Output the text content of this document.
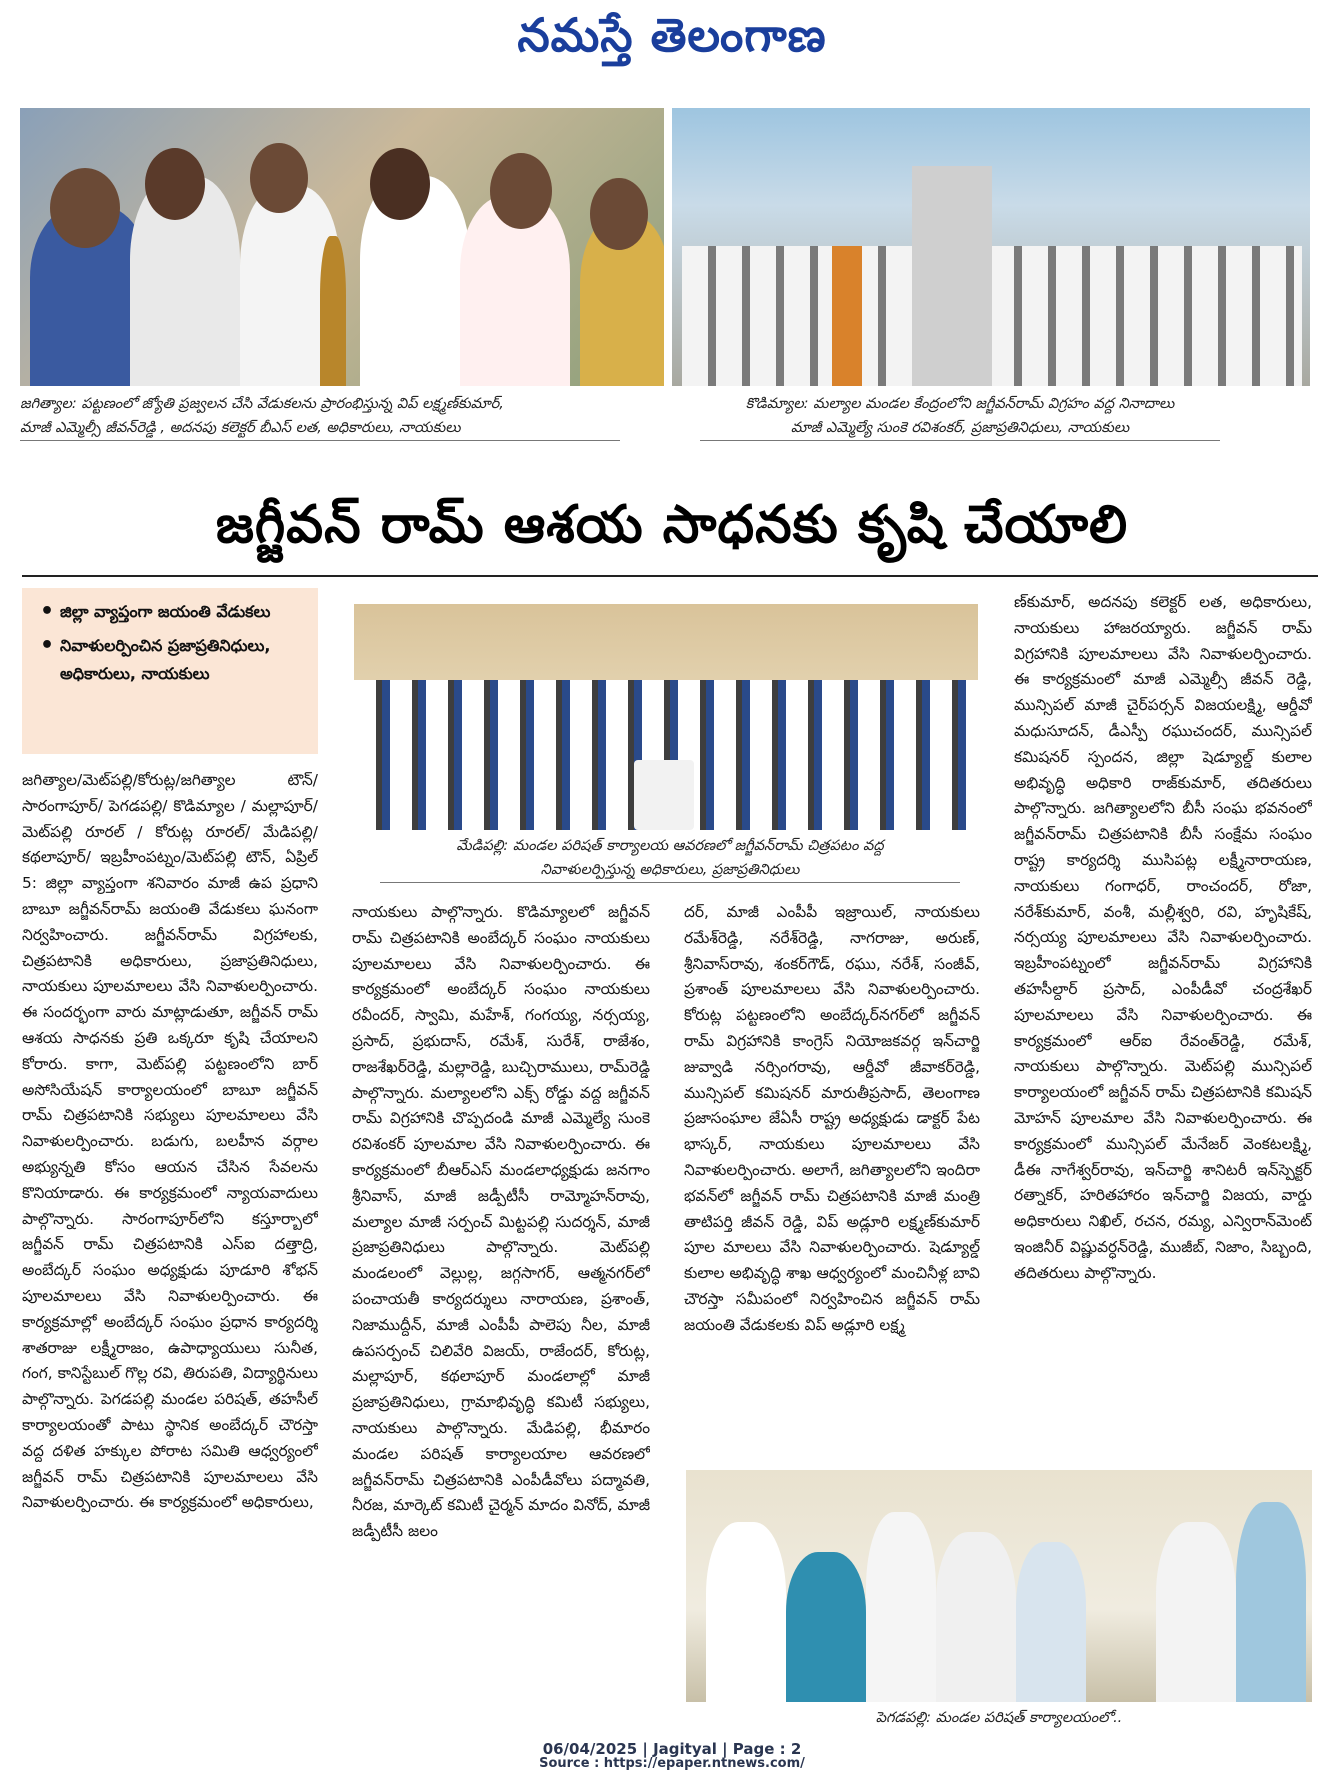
నమస్తే తెలంగాణ
జగిత్యాల: పట్టణంలో జ్యోతి ప్రజ్వలన చేసి వేడుకలను ప్రారంభిస్తున్న విప్ లక్ష్మణ్‌కుమార్,
మాజీ ఎమ్మెల్సీ జీవన్‌రెడ్డి , అదనపు కలెక్టర్ బీఎస్ లత, అధికారులు, నాయకులు
కొడిమ్యాల: మల్యాల మండల కేంద్రంలోని జగ్జీవన్‌రామ్ విగ్రహం వద్ద నినాదాలు
మాజీ ఎమ్మెల్యే సుంకె రవిశంకర్, ప్రజాప్రతినిధులు, నాయకులు
జగ్జీవన్ రామ్ ఆశయ సాధనకు కృషి చేయాలి
• జిల్లా వ్యాప్తంగా జయంతి వేడుకలు
• నివాళులర్పించిన ప్రజాప్రతినిధులు, అధికారులు, నాయకులు
మేడిపల్లి: మండల పరిషత్ కార్యాలయ ఆవరణలో జగ్జీవన్‌రామ్ చిత్రపటం వద్ద
నివాళులర్పిస్తున్న అధికారులు, ప్రజాప్రతినిధులు

జగిత్యాల/మెట్‌పల్లి/కోరుట్ల/జగిత్యాల టౌన్/ సారంగాపూర్/ పెగడపల్లి/ కొడిమ్యాల / మల్లాపూర్/ మెట్‌పల్లి రూరల్ / కోరుట్ల రూరల్/ మేడిపల్లి/ కథలాపూర్/ ఇబ్రహీంపట్నం/మెట్‌పల్లి టౌన్, ఏప్రిల్ 5: జిల్లా వ్యాప్తంగా శనివారం మాజీ ఉప ప్రధాని బాబూ జగ్జీవన్‌రామ్ జయంతి వేడుకలు ఘనంగా నిర్వహించారు. జగ్జీవన్‌రామ్ విగ్రహాలకు, చిత్రపటానికి అధికారులు, ప్రజాప్రతినిధులు, నాయకులు పూలమాలలు వేసి నివాళులర్పించారు. ఈ సందర్భంగా వారు మాట్లాడుతూ, జగ్జీవన్ రామ్ ఆశయ సాధనకు ప్రతి ఒక్కరూ కృషి చేయాలని కోరారు. కాగా, మెట్‌పల్లి పట్టణంలోని బార్ అసోసియేషన్ కార్యాలయంలో బాబూ జగ్జీవన్ రామ్ చిత్రపటానికి సభ్యులు పూలమాలలు వేసి నివాళులర్పించారు. బడుగు, బలహీన వర్గాల అభ్యున్నతి కోసం ఆయన చేసిన సేవలను కొనియాడారు. ఈ కార్యక్రమంలో న్యాయవాదులు పాల్గొన్నారు. సారంగాపూర్‌లోని కస్తూర్బాలో జగ్జీవన్ రామ్ చిత్రపటానికి ఎస్ఐ దత్తాద్రి, అంబేద్కర్ సంఘం అధ్యక్షుడు పూడూరి శోభన్ పూలమాలలు వేసి నివాళులర్పించారు. ఈ కార్యక్రమాల్లో అంబేద్కర్ సంఘం ప్రధాన కార్యదర్శి శాతరాజు లక్ష్మీరాజం, ఉపాధ్యాయులు సునీత, గంగ, కానిస్టేబుల్ గొల్ల రవి, తిరుపతి, విద్యార్థినులు పాల్గొన్నారు. పెగడపల్లి మండల పరిషత్, తహసీల్ కార్యాలయంతో పాటు స్థానిక అంబేద్కర్ చౌరస్తా వద్ద దళిత హక్కుల పోరాట సమితి ఆధ్వర్యంలో జగ్జీవన్ రామ్ చిత్రపటానికి పూలమాలలు వేసి నివాళులర్పించారు. ఈ కార్యక్రమంలో అధికారులు,

నాయకులు పాల్గొన్నారు. కొడిమ్యాలలో జగ్జీవన్ రామ్ చిత్రపటానికి అంబేద్కర్ సంఘం నాయకులు పూలమాలలు వేసి నివాళులర్పించారు. ఈ కార్యక్రమంలో అంబేద్కర్ సంఘం నాయకులు రవీందర్, స్వామి, మహేశ్, గంగయ్య, నర్సయ్య, ప్రసాద్, ప్రభుదాస్, రమేశ్, సురేశ్, రాజేశం, రాజశేఖర్‌రెడ్డి, మల్లారెడ్డి, బుచ్చిరాములు, రామ్‌రెడ్డి పాల్గొన్నారు. మల్యాలలోని ఎక్స్ రోడ్డు వద్ద జగ్జీవన్ రామ్ విగ్రహానికి చొప్పదండి మాజీ ఎమ్మెల్యే సుంకె రవిశంకర్ పూలమాల వేసి నివాళులర్పించారు. ఈ కార్యక్రమంలో బీఆర్ఎస్ మండలాధ్యక్షుడు జనగాం శ్రీనివాస్, మాజీ జడ్పీటీసీ రామ్మోహన్‌రావు, మల్యాల మాజీ సర్పంచ్ మిట్టపల్లి సుదర్శన్, మాజీ ప్రజాప్రతినిధులు పాల్గొన్నారు. మెట్‌పల్లి మండలంలో వెల్లుల్ల, జగ్గసాగర్, ఆత్మనగర్‌లో పంచాయతీ కార్యదర్శులు నారాయణ, ప్రశాంత్, నిజాముద్దీన్, మాజీ ఎంపీపీ పాలెపు నీల, మాజీ ఉపసర్పంచ్ చిలివేరి విజయ్, రాజేందర్, కోరుట్ల, మల్లాపూర్, కథలాపూర్ మండలాల్లో మాజీ ప్రజాప్రతినిధులు, గ్రామాభివృద్ధి కమిటీ సభ్యులు, నాయకులు పాల్గొన్నారు. మేడిపల్లి, భీమారం మండల పరిషత్ కార్యాలయాల ఆవరణలో జగ్జీవన్‌రామ్ చిత్రపటానికి ఎంపీడీవోలు పద్మావతి, నీరజ, మార్కెట్ కమిటీ చైర్మన్ మాదం వినోద్, మాజీ జడ్పీటీసీ జలం

దర్, మాజీ ఎంపీపీ ఇజ్రాయిల్, నాయకులు రమేశ్‌రెడ్డి, నరేశ్‌రెడ్డి, నాగరాజు, అరుణ్, శ్రీనివాస్‌రావు, శంకర్‌గౌడ్, రఘు, నరేశ్, సంజీవ్, ప్రశాంత్ పూలమాలలు వేసి నివాళులర్పించారు. కోరుట్ల పట్టణంలోని అంబేద్కర్‌నగర్‌లో జగ్జీవన్ రామ్ విగ్రహానికి కాంగ్రెస్ నియోజకవర్గ ఇన్‌చార్జి జువ్వాడి నర్సింగరావు, ఆర్డీవో జీవాకర్‌రెడ్డి, మున్సిపల్ కమిషనర్ మారుతీప్రసాద్, తెలంగాణ ప్రజాసంఘాల జేఏసీ రాష్ట్ర అధ్యక్షుడు డాక్టర్ పేట భాస్కర్, నాయకులు పూలమాలలు వేసి నివాళులర్పించారు. అలాగే, జగిత్యాలలోని ఇందిరా భవన్‌లో జగ్జీవన్ రామ్ చిత్రపటానికి మాజీ మంత్రి తాటిపర్తి జీవన్ రెడ్డి, విప్ అడ్లూరి లక్ష్మణ్‌కుమార్ పూల మాలలు వేసి నివాళులర్పించారు. షెడ్యూల్డ్ కులాల అభివృద్ధి శాఖ ఆధ్వర్యంలో మంచినీళ్ల బావి చౌరస్తా సమీపంలో నిర్వహించిన జగ్జీవన్ రామ్ జయంతి వేడుకలకు విప్ అడ్లూరి లక్ష్మ

ణ్‌కుమార్, అదనపు కలెక్టర్ లత, అధికారులు, నాయకులు హాజరయ్యారు. జగ్జీవన్ రామ్ విగ్రహానికి పూలమాలలు వేసి నివాళులర్పించారు. ఈ కార్యక్రమంలో మాజీ ఎమ్మెల్సీ జీవన్ రెడ్డి, మున్సిపల్ మాజీ చైర్‌పర్సన్ విజయలక్ష్మి, ఆర్డీవో మధుసూదన్, డీఎస్పీ రఘుచందర్, మున్సిపల్ కమిషనర్ స్పందన, జిల్లా షెడ్యూల్డ్ కులాల అభివృద్ధి అధికారి రాజ్‌కుమార్, తదితరులు పాల్గొన్నారు. జగిత్యాలలోని బీసీ సంఘ భవనంలో జగ్జీవన్‌రామ్ చిత్రపటానికి బీసీ సంక్షేమ సంఘం రాష్ట్ర కార్యదర్శి ముసిపట్ల లక్ష్మీనారాయణ, నాయకులు గంగాధర్, రాంచందర్, రోజా, నరేశ్‌కుమార్, వంశీ, మల్లీశ్వరి, రవి, హృషికేష్, నర్సయ్య పూలమాలలు వేసి నివాళులర్పించారు. ఇబ్రహీంపట్నంలో జగ్జీవన్‌రామ్ విగ్రహానికి తహసీల్దార్ ప్రసాద్, ఎంపీడీవో చంద్రశేఖర్ పూలమాలలు వేసి నివాళులర్పించారు. ఈ కార్యక్రమంలో ఆర్ఐ రేవంత్‌రెడ్డి, రమేశ్, నాయకులు పాల్గొన్నారు. మెట్‌పల్లి మున్సిపల్ కార్యాలయంలో జగ్జీవన్ రామ్ చిత్రపటానికి కమిషన్ మోహన్ పూలమాల వేసి నివాళులర్పించారు. ఈ కార్యక్రమంలో మున్సిపల్ మేనేజర్ వెంకటలక్ష్మి, డీఈ నాగేశ్వర్‌రావు, ఇన్‌చార్జి శానిటరీ ఇన్‌స్పెక్టర్ రత్నాకర్, హరితహారం ఇన్‌చార్జి విజయ, వార్డు అధికారులు నిఖిల్, రచన, రమ్య, ఎన్విరాన్‌మెంట్ ఇంజినీర్ విష్ణువర్ధన్‌రెడ్డి, ముజీబ్, నిజాం, సిబ్బంది, తదితరులు పాల్గొన్నారు.

పెగడపల్లి: మండల పరిషత్ కార్యాలయంలో..
06/04/2025 | Jagityal | Page : 2
Source : https://epaper.ntnews.com/
